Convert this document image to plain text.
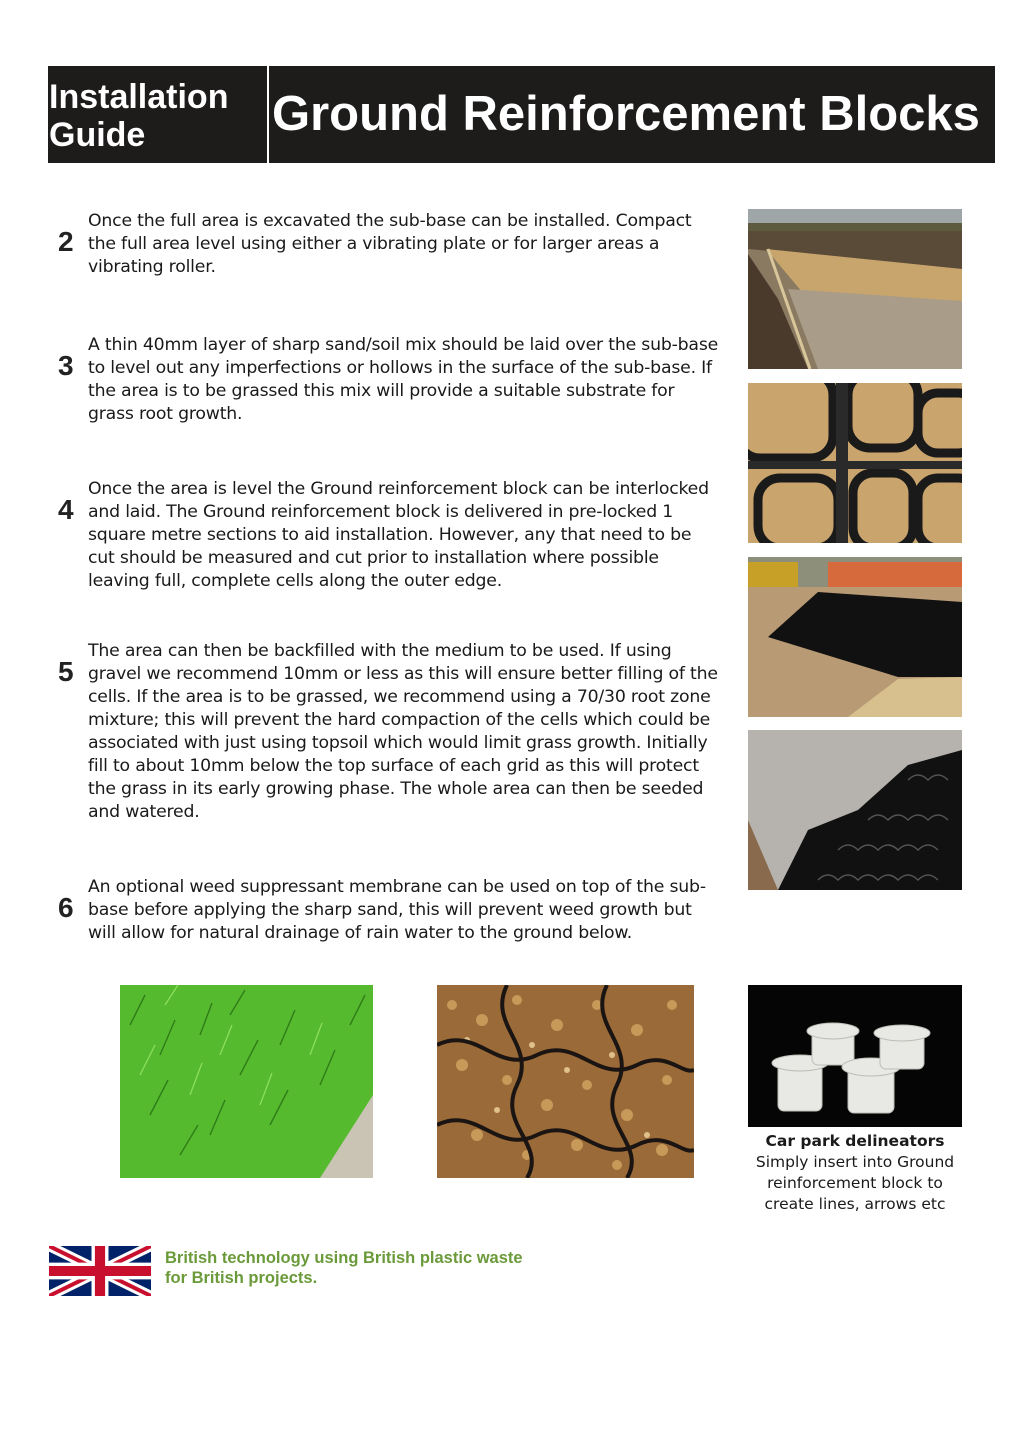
Installation
Guide	Ground Reinforcement Blocks
2
Once the full area is excavated the sub-base can be installed. Compact the full area level using either a vibrating plate or for larger areas a vibrating roller.
3
A thin 40mm layer of sharp sand/soil mix should be laid over the sub-base to level out any imperfections or hollows in the surface of the sub-base. If the area is to be grassed this mix will provide a suitable substrate for grass root growth.
4
Once the area is level the Ground reinforcement block can be interlocked and laid. The Ground reinforcement block is delivered in pre-locked 1 square metre sections to aid installation. However, any that need to be cut should be measured and cut prior to installation where possible leaving full, complete cells along the outer edge.
5
The area can then be backfilled with the medium to be used. If using gravel we recommend 10mm or less as this will ensure better filling of the cells. If the area is to be grassed, we recommend using a 70/30 root zone mixture; this will prevent the hard compaction of the cells which could be associated with just using topsoil which would limit grass growth. Initially fill to about 10mm below the top surface of each grid as this will protect the grass in its early growing phase. The whole area can then be seeded and watered.
6
An optional weed suppressant membrane can be used on top of the sub-base before applying the sharp sand, this will prevent weed growth but will allow for natural drainage of rain water to the ground below.
Car park delineators
Simply insert into Ground reinforcement block to create lines, arrows etc
British technology using British plastic waste for British projects.
